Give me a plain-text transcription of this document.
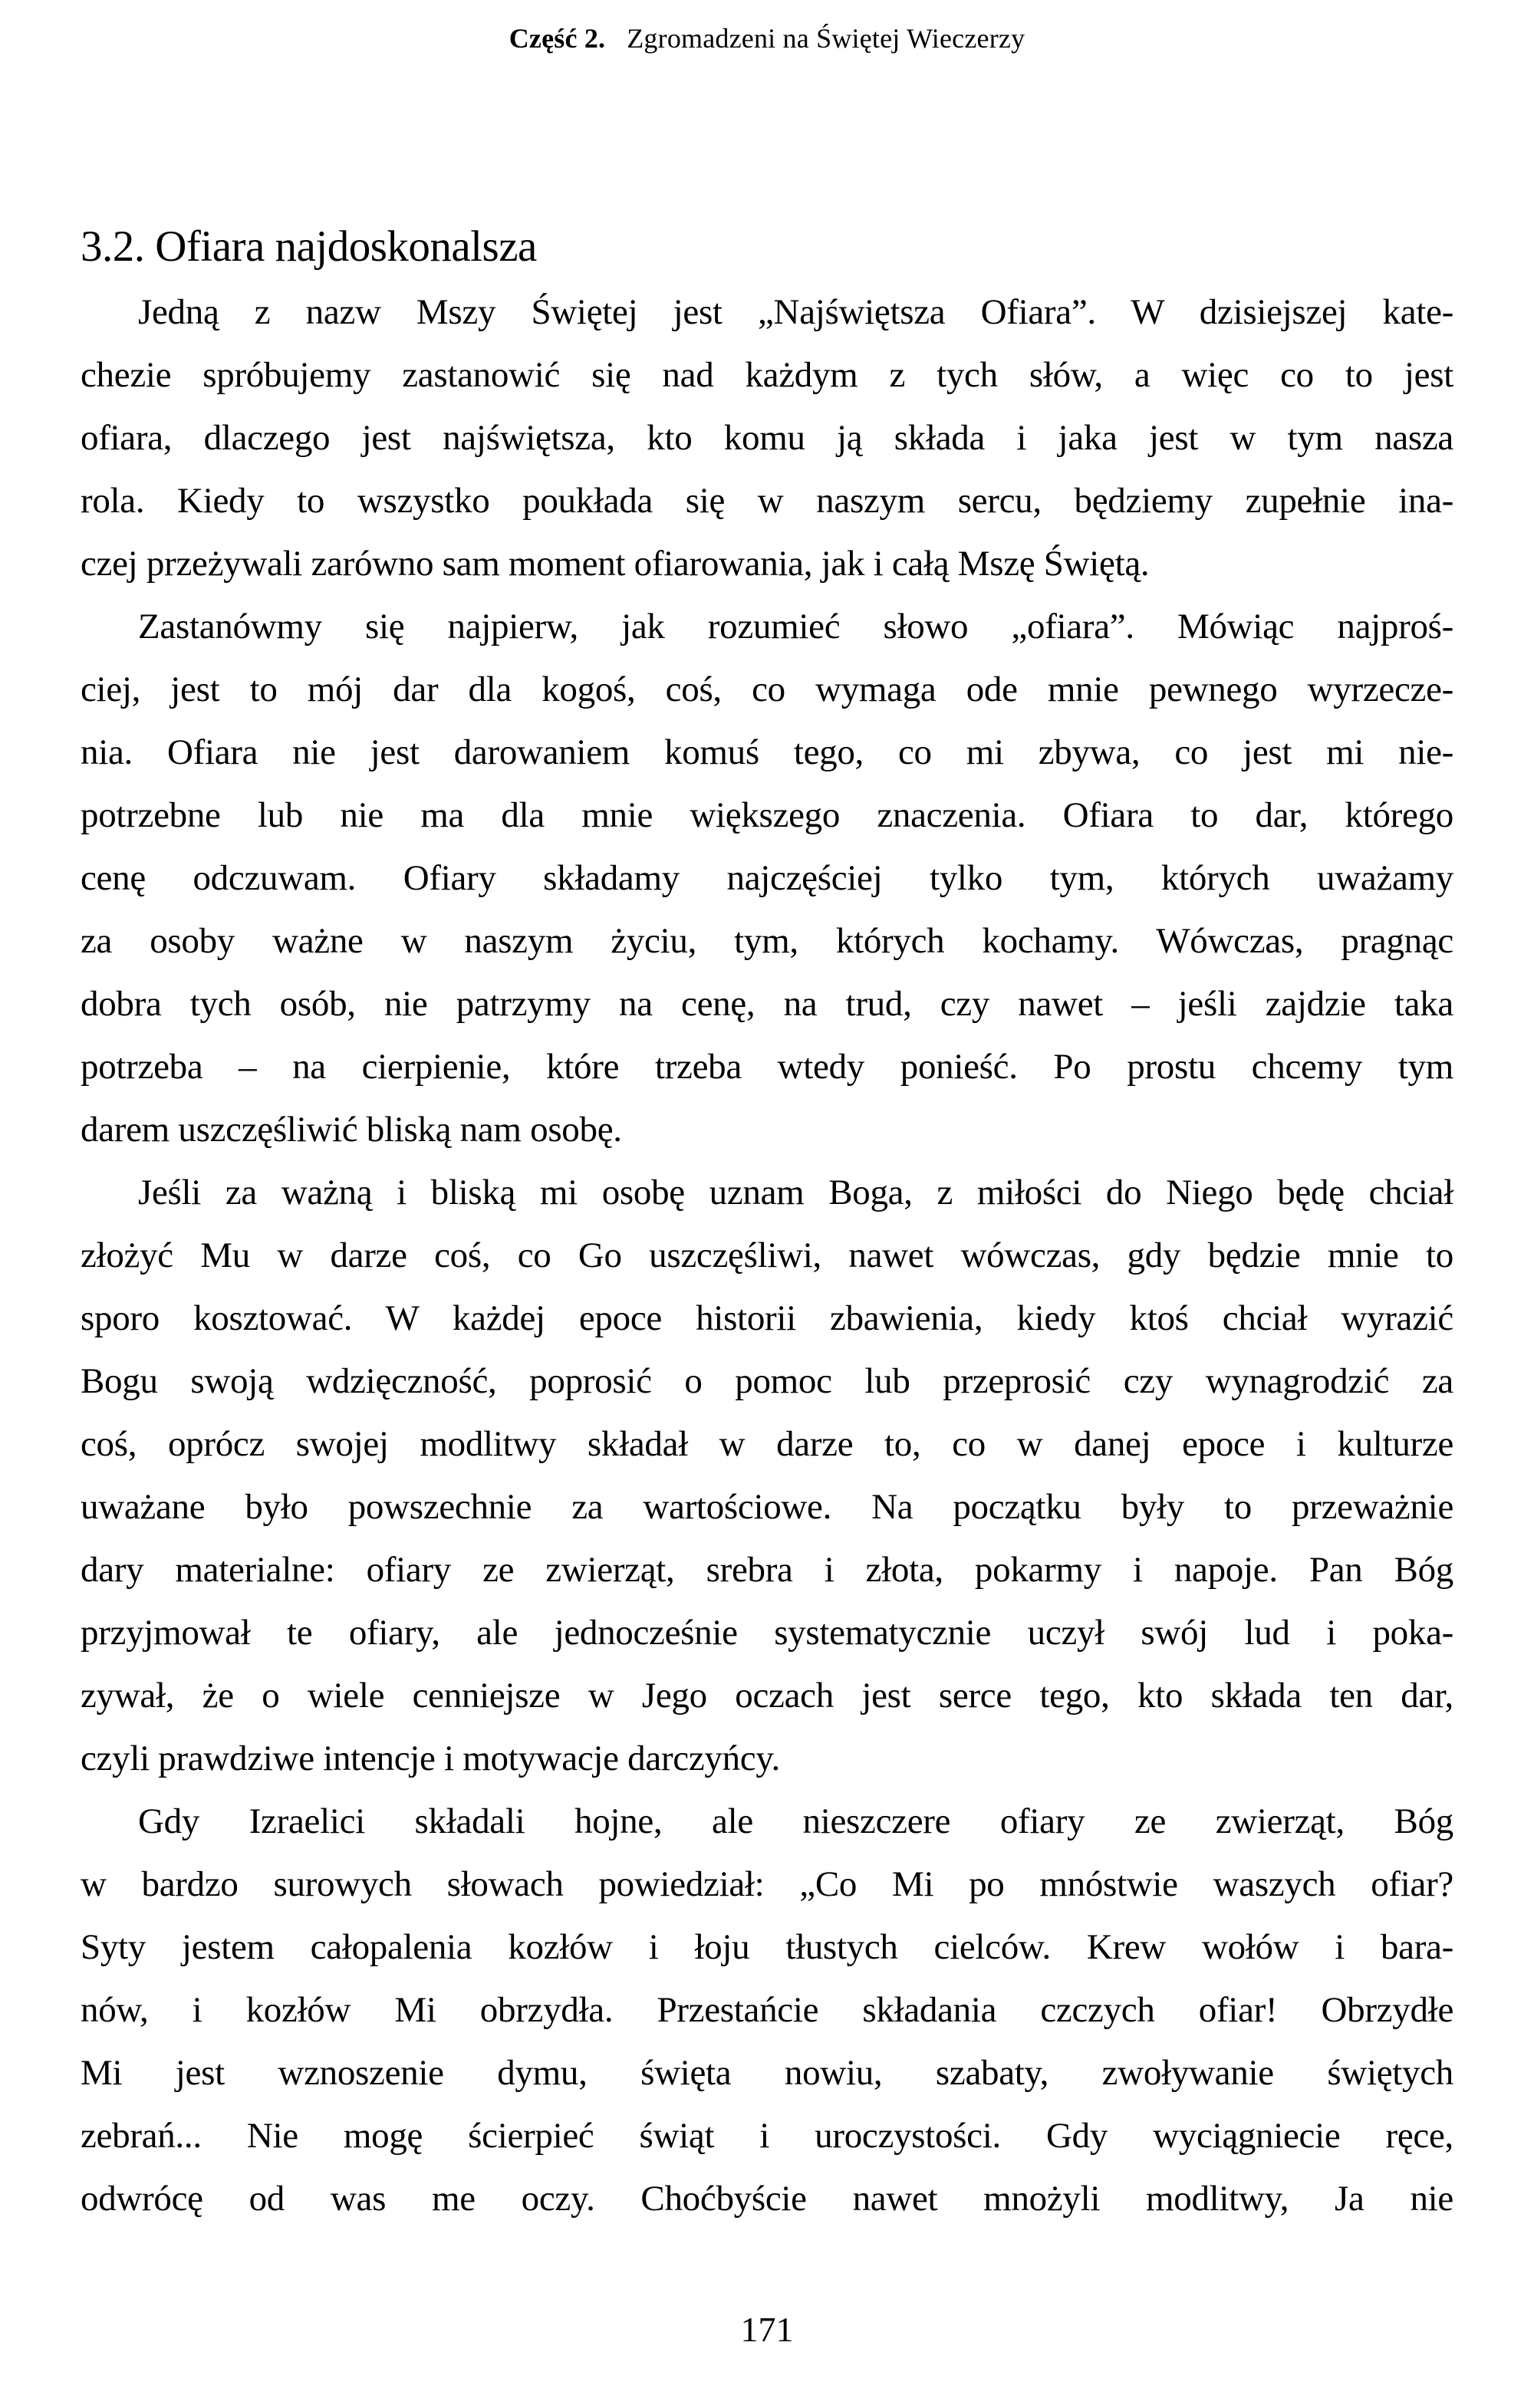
Część 2. Zgromadzeni na Świętej Wieczerzy
3.2. Ofiara najdoskonalsza
Jedną z nazw Mszy Świętej jest „Najświętsza Ofiara”. W dzisiejszej kate-
chezie spróbujemy zastanowić się nad każdym z tych słów, a więc co to jest
ofiara, dlaczego jest najświętsza, kto komu ją składa i jaka jest w tym nasza
rola. Kiedy to wszystko poukłada się w naszym sercu, będziemy zupełnie ina-
czej przeżywali zarówno sam moment ofiarowania, jak i całą Mszę Świętą.
Zastanówmy się najpierw, jak rozumieć słowo „ofiara”. Mówiąc najproś-
ciej, jest to mój dar dla kogoś, coś, co wymaga ode mnie pewnego wyrzecze-
nia. Ofiara nie jest darowaniem komuś tego, co mi zbywa, co jest mi nie-
potrzebne lub nie ma dla mnie większego znaczenia. Ofiara to dar, którego
cenę odczuwam. Ofiary składamy najczęściej tylko tym, których uważamy
za osoby ważne w naszym życiu, tym, których kochamy. Wówczas, pragnąc
dobra tych osób, nie patrzymy na cenę, na trud, czy nawet – jeśli zajdzie taka
potrzeba – na cierpienie, które trzeba wtedy ponieść. Po prostu chcemy tym
darem uszczęśliwić bliską nam osobę.
Jeśli za ważną i bliską mi osobę uznam Boga, z miłości do Niego będę chciał
złożyć Mu w darze coś, co Go uszczęśliwi, nawet wówczas, gdy będzie mnie to
sporo kosztować. W każdej epoce historii zbawienia, kiedy ktoś chciał wyrazić
Bogu swoją wdzięczność, poprosić o pomoc lub przeprosić czy wynagrodzić za
coś, oprócz swojej modlitwy składał w darze to, co w danej epoce i kulturze
uważane było powszechnie za wartościowe. Na początku były to przeważnie
dary materialne: ofiary ze zwierząt, srebra i złota, pokarmy i napoje. Pan Bóg
przyjmował te ofiary, ale jednocześnie systematycznie uczył swój lud i poka-
zywał, że o wiele cenniejsze w Jego oczach jest serce tego, kto składa ten dar,
czyli prawdziwe intencje i motywacje darczyńcy.
Gdy Izraelici składali hojne, ale nieszczere ofiary ze zwierząt, Bóg
w bardzo surowych słowach powiedział: „Co Mi po mnóstwie waszych ofiar?
Syty jestem całopalenia kozłów i łoju tłustych cielców. Krew wołów i bara-
nów, i kozłów Mi obrzydła. Przestańcie składania czczych ofiar! Obrzydłe
Mi jest wznoszenie dymu, święta nowiu, szabaty, zwoływanie świętych
zebrań... Nie mogę ścierpieć świąt i uroczystości. Gdy wyciągniecie ręce,
odwrócę od was me oczy. Choćbyście nawet mnożyli modlitwy, Ja nie
171
